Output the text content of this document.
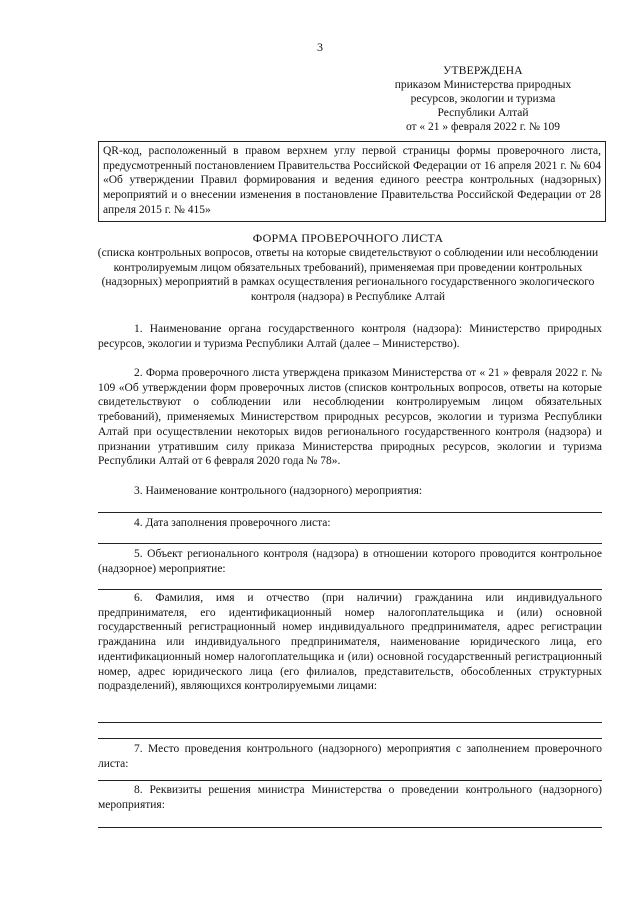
3
УТВЕРЖДЕНА
приказом Министерства природных
ресурсов, экологии и туризма
Республики Алтай
от « 21 » февраля 2022 г. № 109
QR-код, расположенный в правом верхнем углу первой страницы формы проверочного листа, предусмотренный постановлением Правительства Российской Федерации от 16 апреля 2021 г. № 604 «Об утверждении Правил формирования и ведения единого реестра контрольных (надзорных) мероприятий и о внесении изменения в постановление Правительства Российской Федерации от 28 апреля 2015 г. № 415»
ФОРМА ПРОВЕРОЧНОГО ЛИСТА
(списка контрольных вопросов, ответы на которые свидетельствуют о соблюдении или несоблюдении контролируемым лицом обязательных требований), применяемая при проведении контрольных (надзорных) мероприятий в рамках осуществления регионального государственного экологического контроля (надзора) в Республике Алтай
1. Наименование органа государственного контроля (надзора): Министерство природных ресурсов, экологии и туризма Республики Алтай (далее – Министерство).
2. Форма проверочного листа утверждена приказом Министерства от « 21 » февраля 2022 г. № 109 «Об утверждении форм проверочных листов (списков контрольных вопросов, ответы на которые свидетельствуют о соблюдении или несоблюдении контролируемым лицом обязательных требований), применяемых Министерством природных ресурсов, экологии и туризма Республики Алтай при осуществлении некоторых видов регионального государственного контроля (надзора) и признании утратившим силу приказа Министерства природных ресурсов, экологии и туризма Республики Алтай от 6 февраля 2020 года № 78».
3. Наименование контрольного (надзорного) мероприятия:
4. Дата заполнения проверочного листа:
5. Объект регионального контроля (надзора) в отношении которого проводится контрольное (надзорное) мероприятие:
6. Фамилия, имя и отчество (при наличии) гражданина или индивидуального предпринимателя, его идентификационный номер налогоплательщика и (или) основной государственный регистрационный номер индивидуального предпринимателя, адрес регистрации гражданина или индивидуального предпринимателя, наименование юридического лица, его идентификационный номер налогоплательщика и (или) основной государственный регистрационный номер, адрес юридического лица (его филиалов, представительств, обособленных структурных подразделений), являющихся контролируемыми лицами:
7. Место проведения контрольного (надзорного) мероприятия с заполнением проверочного листа:
8. Реквизиты решения министра Министерства о проведении контрольного (надзорного) мероприятия:
